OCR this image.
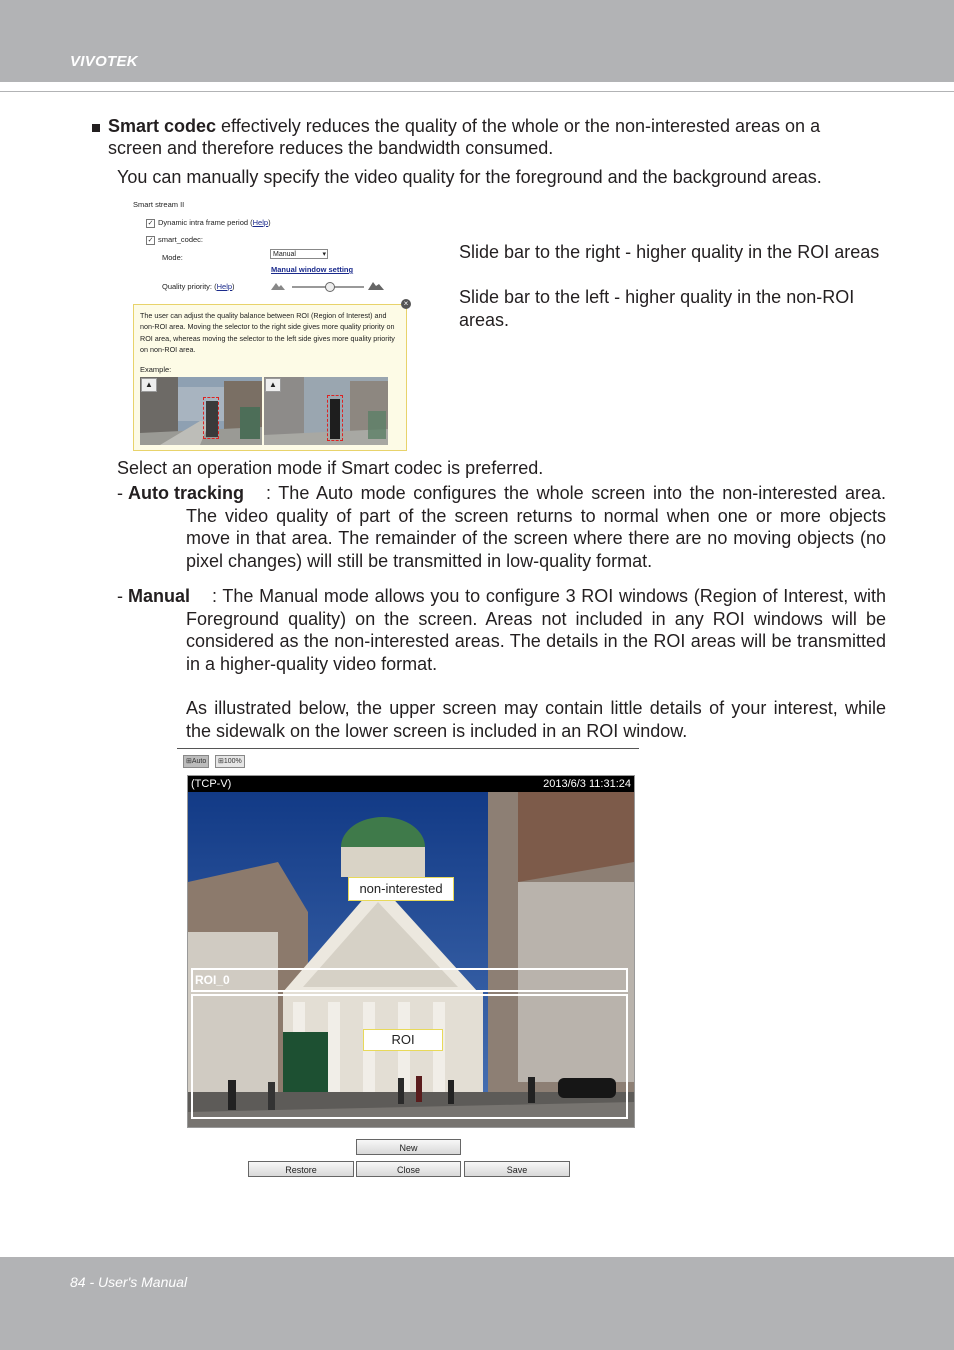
VIVOTEK

Smart codec effectively reduces the quality of the whole or the non-interested areas on a

screen and therefore reduces the bandwidth consumed.

You can manually specify the video quality for the foreground and the background areas.

Smart stream II
✓ Dynamic intra frame period (Help)
✓ smart_codec:
Mode:	Manual	▾
Manual window setting
Quality priority: (Help)
×
The user can adjust the quality balance between ROI (Region of Interest) and non-ROI area. Moving the selector to the right side gives more quality priority on ROI area, whereas moving the selector to the left side gives more quality priority on non-ROI area.
Example:
▲	▲

Slide bar to the right - higher quality in the ROI areas

Slide bar to the left - higher quality in the non-ROI areas.

Select an operation mode if Smart codec is preferred.

- Auto tracking	: The Auto mode configures the whole screen into the non-interested area. The video quality of part of the screen returns to normal when one or more objects move in that area. The remainder of the screen where there are no moving objects (no pixel changes) will still be transmitted in low-quality format.

- Manual	: The Manual mode allows you to configure 3 ROI windows (Region of Interest, with Foreground quality) on the screen. Areas not included in any ROI windows will be considered as the non-interested areas. The details in the ROI areas will be transmitted in a higher-quality video format.

As illustrated below, the upper screen may contain little details of your interest, while the sidewalk on the lower screen is included in an ROI window.

⊞Auto	⊞100%
(TCP-V)	2013/6/3 11:31:24
ROI_0
non-interested
ROI
New
Restore	Close	Save
84 - User's Manual
